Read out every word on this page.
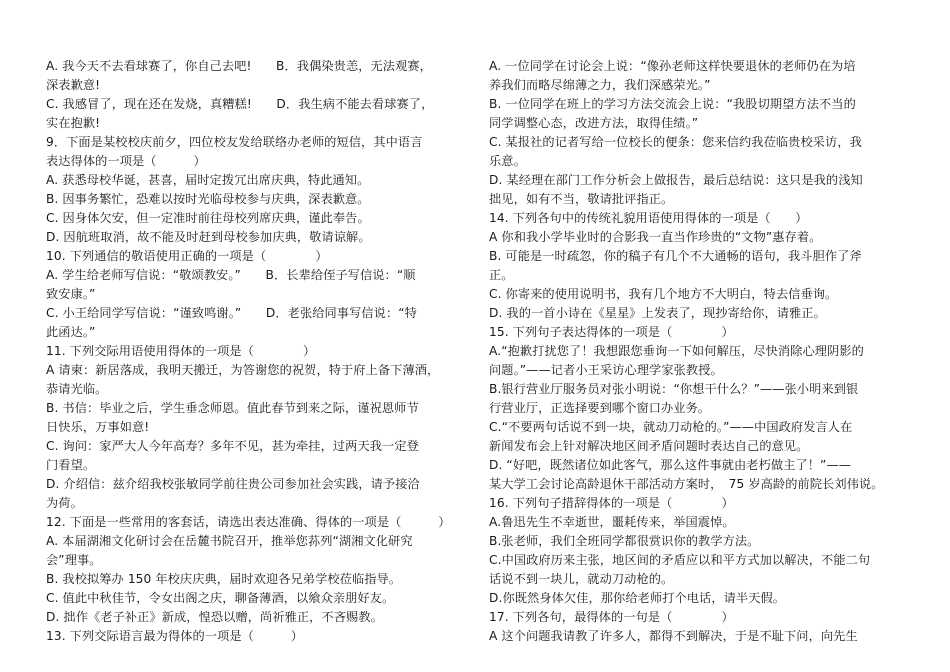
A. 我今天不去看球赛了，你自己去吧!　　B．我偶染贵恙，无法观赛，
深表歉意!
C. 我感冒了，现在还在发烧，真糟糕!　　D．我生病不能去看球赛了，
实在抱歉!
9．下面是某校校庆前夕，四位校友发给联络办老师的短信，其中语言
表达得体的一项是（　　　）
A. 获悉母校华诞，甚喜，届时定拨冗出席庆典，特此通知。
B. 因事务繁忙，恐难以按时光临母校参与庆典，深表歉意。
C. 因身体欠安，但一定准时前往母校列席庆典，谨此奉告。
D. 因航班取消，故不能及时赶到母校参加庆典，敬请谅解。
10. 下列通信的敬语使用正确的一项是（　　　　）
A. 学生给老师写信说：“敬颂教安。”　　B．长辈给侄子写信说：“顺
致安康。”
C. 小王给同学写信说：“谨致鸣谢。”　　D．老张给同事写信说：“特
此函达。”
11. 下列交际用语使用得体的一项是（　　　　）
A 请柬：新居落成，我明天搬迁，为答谢您的祝贺，特于府上备下薄酒，
恭请光临。
B. 书信：毕业之后，学生垂念师恩。值此春节到来之际，谨祝恩师节
日快乐，万事如意!
C. 询问：家严大人今年高寿？多年不见，甚为牵挂，过两天我一定登
门看望。
D. 介绍信：兹介绍我校张敏同学前往贵公司参加社会实践，请予接洽
为荷。
12. 下面是一些常用的客套话，请选出表达准确、得体的一项是（　　　）
A. 本届湖湘文化研讨会在岳麓书院召开，推举您荪列“湖湘文化研究
会”理事。
B. 我校拟筹办 150 年校庆庆典，届时欢迎各兄弟学校莅临指导。
C. 值此中秋佳节，令女出阁之庆，聊备薄酒，以飨众亲朋好友。
D. 拙作《老子补正》新成，惶恐以赠，尚祈雅正，不吝赐教。
13. 下列交际语言最为得体的一项是（　　　）
A. 一位同学在讨论会上说：“像孙老师这样快要退休的老师仍在为培
养我们而略尽绵薄之力，我们深感荣光。”
B. 一位同学在班上的学习方法交流会上说：“我股切期望方法不当的
同学调整心态，改进方法，取得佳绩。”
C. 某报社的记者写给一位校长的便条：您来信约我莅临贵校采访，我
乐意。
D. 某经理在部门工作分析会上做报告，最后总结说：这只是我的浅知
拙见，如有不当，敬请批评指正。
14. 下列各句中的传统礼貌用语使用得体的一项是（　　）
A 你和我小学毕业时的合影我一直当作珍贵的“文物”惠存着。
B. 可能是一时疏忽，你的稿子有几个不大通畅的语句，我斗胆作了斧
正。
C. 你寄来的使用说明书，我有几个地方不大明白，特去信垂询。
D. 我的一首小诗在《星星》上发表了，现抄寄给你，请雅正。
15. 下列句子表达得体的一项是（　　　　）
A.“抱歉打扰您了！我想跟您垂询一下如何解压，尽快消除心理阴影的
问题。”——记者小王采访心理学家张教授。
B.银行营业厅服务员对张小明说：“你想干什么？”——张小明来到银
行营业厅，正选择要到哪个窗口办业务。
C.“不要两句话说不到一块，就动刀动枪的。”——中国政府发言人在
新闻发布会上针对解决地区间矛盾问题时表达自己的意见。
D. “好吧，既然诸位如此客气，那么这件事就由老朽做主了！”——
某大学工会讨论高龄退休干部活动方案时，　75 岁高龄的前院长刘伟说。
16. 下列句子措辞得体的一项是（　　　　）
A.鲁迅先生不幸逝世，噩耗传来，举国震悼。
B.张老师，我们全班同学都很赏识你的教学方法。
C.中国政府历来主张，地区间的矛盾应以和平方式加以解决，不能二句
话说不到一块儿，就动刀动枪的。
D.你既然身体欠佳，那你给老师打个电话，请半天假。
17. 下列各句，最得体的一句是（　　　　）
A 这个问题我请教了许多人，都得不到解决，于是不耻下问，向先生
